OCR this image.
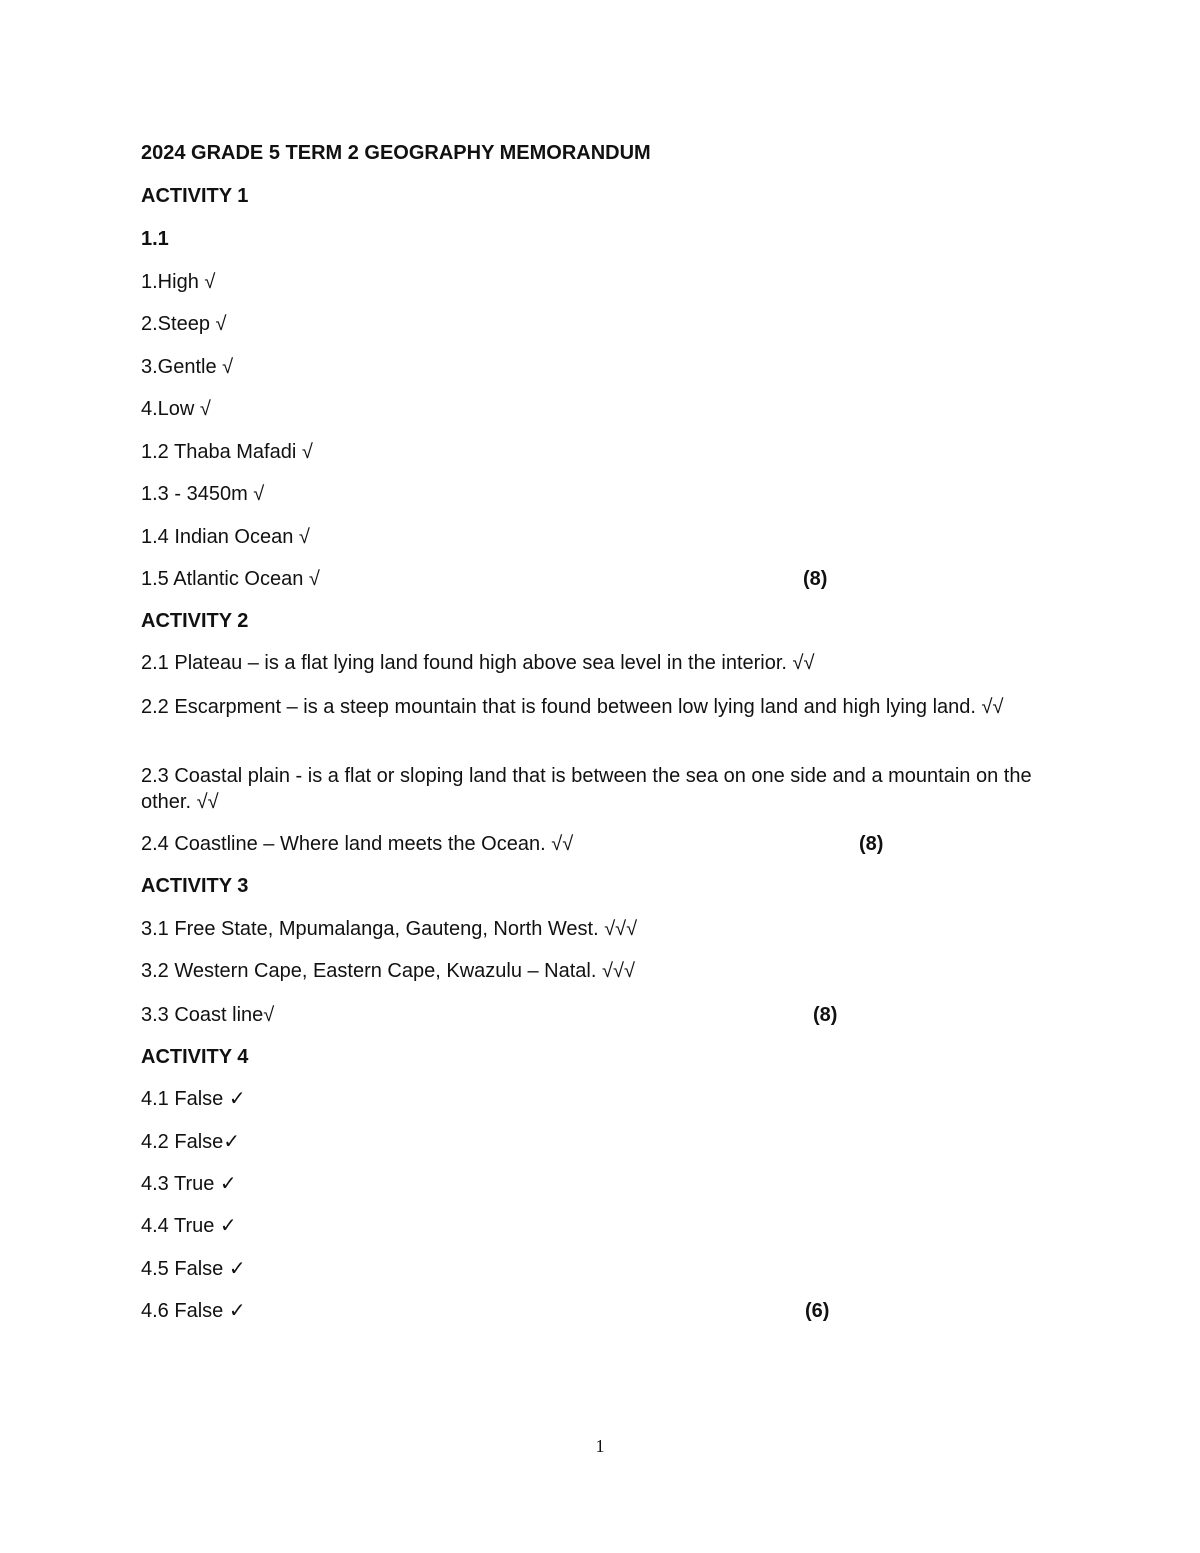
2024 GRADE 5 TERM 2 GEOGRAPHY MEMORANDUM
ACTIVITY 1
1.1
1.High √
2.Steep √
3.Gentle √
4.Low √
1.2 Thaba Mafadi √
1.3 - 3450m √
1.4 Indian Ocean √
1.5 Atlantic Ocean √	(8)
ACTIVITY 2
2.1 Plateau – is a flat lying land found high above sea level in the interior. √√
2.2 Escarpment – is a steep mountain that is found between low lying land and high lying land. √√
2.3 Coastal plain - is a flat or sloping land that is between the sea on one side and a mountain on the other. √√
2.4 Coastline – Where land meets the Ocean. √√	(8)
ACTIVITY 3
3.1 Free State, Mpumalanga, Gauteng, North West. √√√
3.2 Western Cape, Eastern Cape, Kwazulu – Natal. √√√
3.3 Coast line√	(8)
ACTIVITY 4
4.1 False ✓
4.2 False✓
4.3 True ✓
4.4 True ✓
4.5 False ✓
4.6 False ✓	(6)
1
